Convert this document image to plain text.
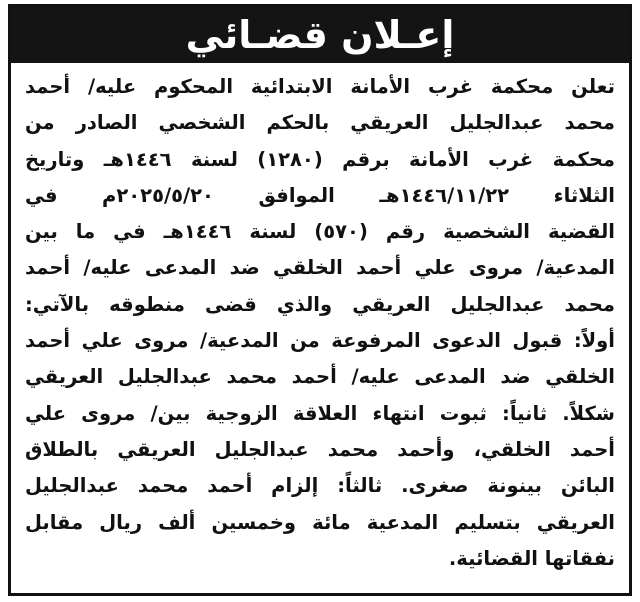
إعـلان قضـائي
تعلن محكمة غرب الأمانة الابتدائية المحكوم عليه/ أحمد
محمد عبدالجليل العريقي بالحكم الشخصي الصادر من
محكمة غرب الأمانة برقم (١٢٨٠) لسنة ١٤٤٦هـ وتاريخ
الثلاثاء ١٤٤٦/١١/٢٢هـ الموافق ٢٠٢٥/٥/٢٠م في
القضية الشخصية رقم (٥٧٠) لسنة ١٤٤٦هـ في ما بين
المدعية/ مروى علي أحمد الخلقي ضد المدعى عليه/ أحمد
محمد عبدالجليل العريقي والذي قضى منطوقه بالآتي:
أولاً: قبول الدعوى المرفوعة من المدعية/ مروى علي أحمد
الخلقي ضد المدعى عليه/ أحمد محمد عبدالجليل العريقي
شكلاً. ثانياً: ثبوت انتهاء العلاقة الزوجية بين/ مروى علي
أحمد الخلقي، وأحمد محمد عبدالجليل العريقي بالطلاق
البائن بينونة صغرى. ثالثاً: إلزام أحمد محمد عبدالجليل
العريقي بتسليم المدعية مائة وخمسين ألف ريال مقابل
نفقاتها القضائية.
